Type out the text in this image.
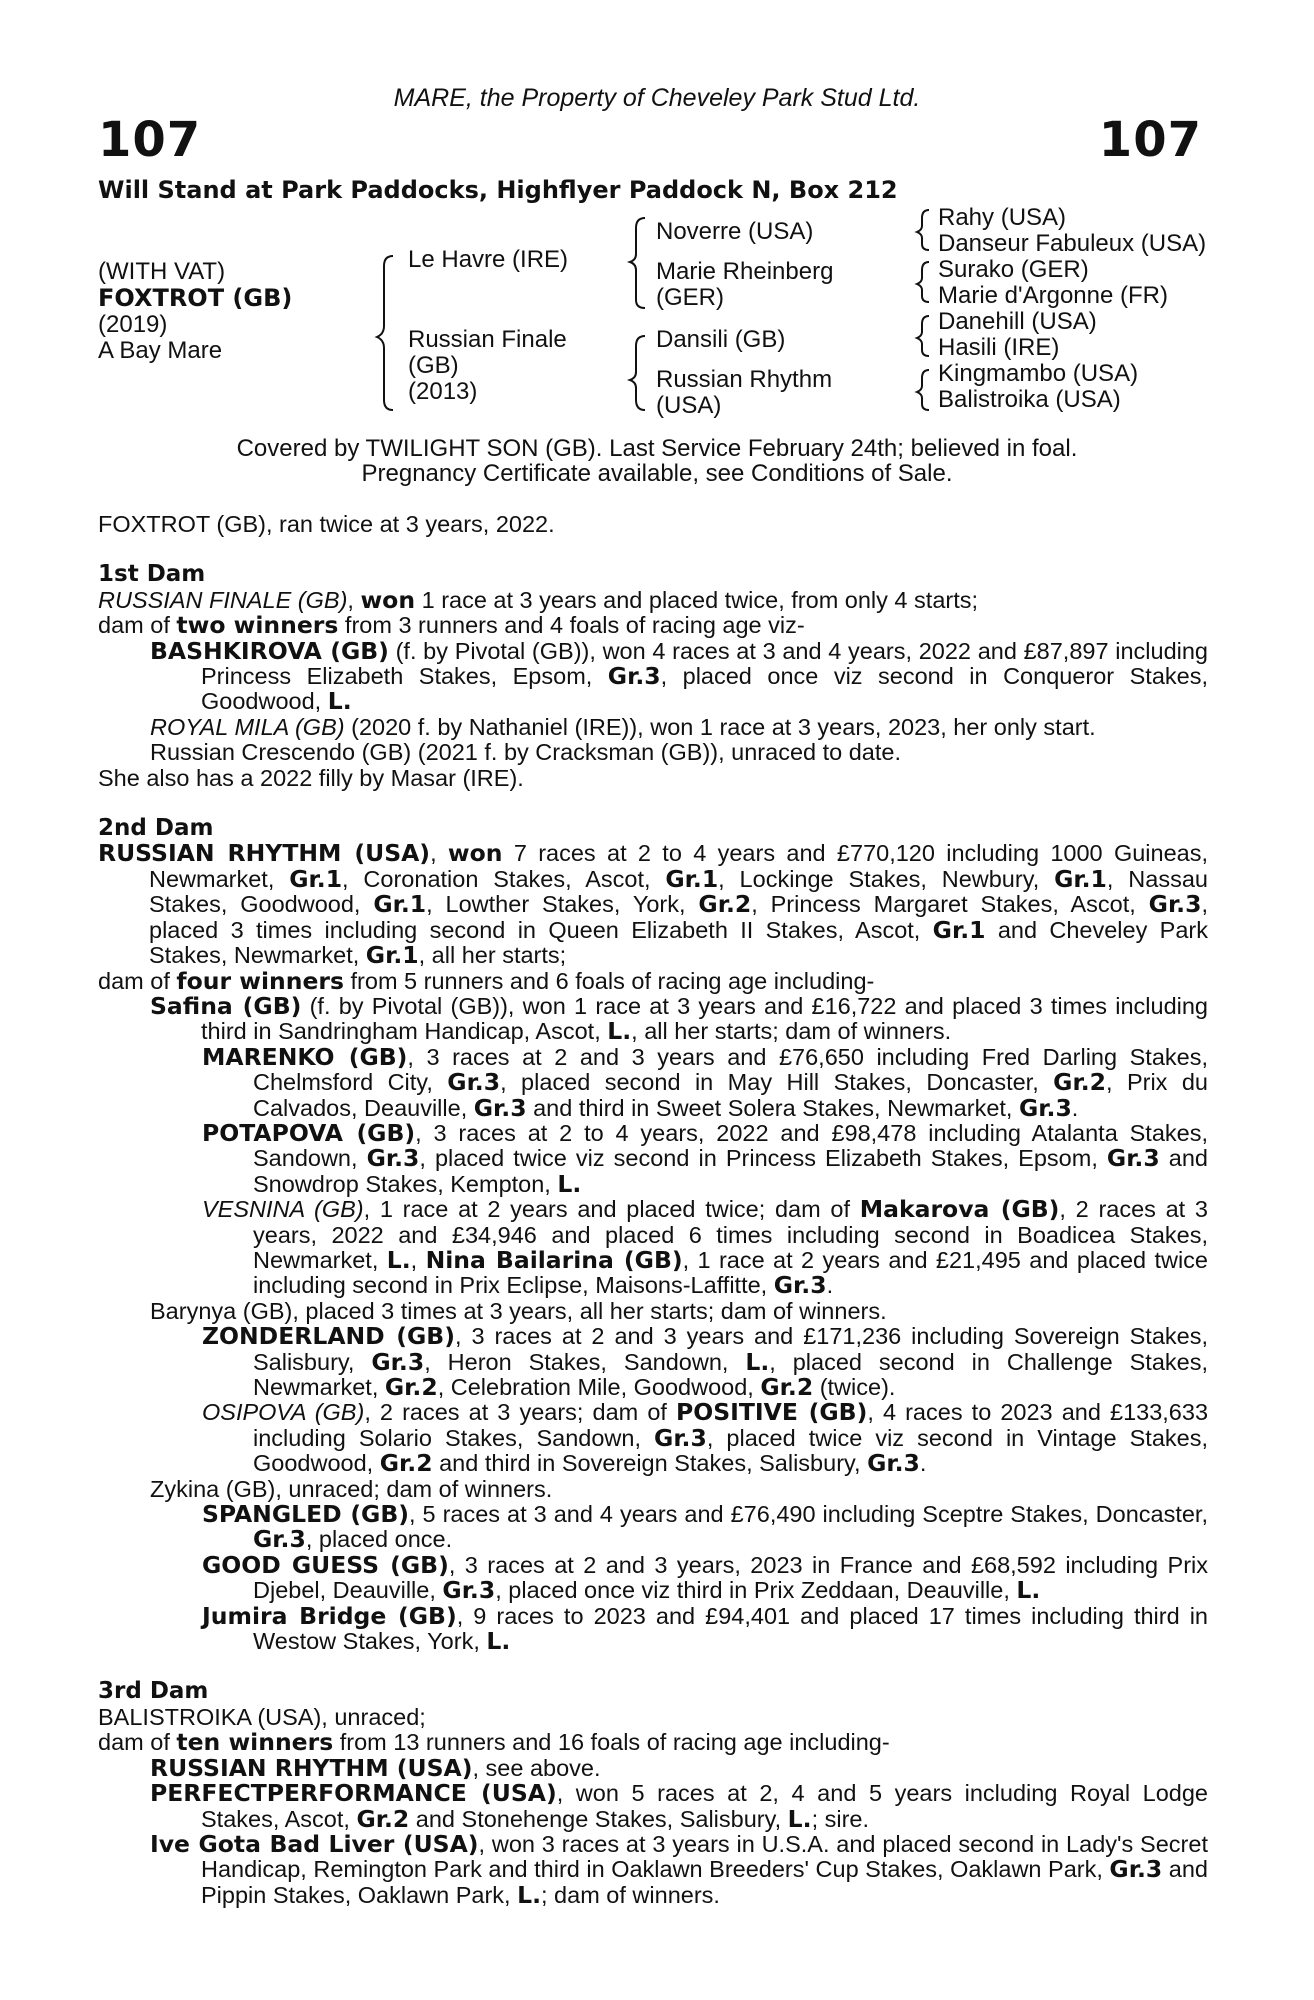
MARE, the Property of Cheveley Park Stud Ltd.
107	107
Will Stand at Park Paddocks, Highflyer Paddock N, Box 212
(WITH VAT)
FOXTROT (GB)
(2019)
A Bay Mare
Le Havre (IRE)
Russian Finale
(GB)
(2013)
Noverre (USA)
Marie Rheinberg
(GER)
Dansili (GB)
Russian Rhythm
(USA)
Rahy (USA)
Danseur Fabuleux (USA)
Surako (GER)
Marie d'Argonne (FR)
Danehill (USA)
Hasili (IRE)
Kingmambo (USA)
Balistroika (USA)
Covered by TWILIGHT SON (GB). Last Service February 24th; believed in foal.
Pregnancy Certificate available, see Conditions of Sale.

FOXTROT (GB), ran twice at 3 years, 2022.

1st Dam

RUSSIAN FINALE (GB), won 1 race at 3 years and placed twice, from only 4 starts;

dam of two winners from 3 runners and 4 foals of racing age viz-

BASHKIROVA (GB) (f. by Pivotal (GB)), won 4 races at 3 and 4 years, 2022 and £87,897 including Princess Elizabeth Stakes, Epsom, Gr.3, placed once viz second in Conqueror Stakes, Goodwood, L.

ROYAL MILA (GB) (2020 f. by Nathaniel (IRE)), won 1 race at 3 years, 2023, her only start.

Russian Crescendo (GB) (2021 f. by Cracksman (GB)), unraced to date.

She also has a 2022 filly by Masar (IRE).

2nd Dam

RUSSIAN RHYTHM (USA), won 7 races at 2 to 4 years and £770,120 including 1000 Guineas, Newmarket, Gr.1, Coronation Stakes, Ascot, Gr.1, Lockinge Stakes, Newbury, Gr.1, Nassau Stakes, Goodwood, Gr.1, Lowther Stakes, York, Gr.2, Princess Margaret Stakes, Ascot, Gr.3, placed 3 times including second in Queen Elizabeth II Stakes, Ascot, Gr.1 and Cheveley Park Stakes, Newmarket, Gr.1, all her starts;

dam of four winners from 5 runners and 6 foals of racing age including-

Safina (GB) (f. by Pivotal (GB)), won 1 race at 3 years and £16,722 and placed 3 times including third in Sandringham Handicap, Ascot, L., all her starts; dam of winners.

MARENKO (GB), 3 races at 2 and 3 years and £76,650 including Fred Darling Stakes, Chelmsford City, Gr.3, placed second in May Hill Stakes, Doncaster, Gr.2, Prix du Calvados, Deauville, Gr.3 and third in Sweet Solera Stakes, Newmarket, Gr.3.

POTAPOVA (GB), 3 races at 2 to 4 years, 2022 and £98,478 including Atalanta Stakes, Sandown, Gr.3, placed twice viz second in Princess Elizabeth Stakes, Epsom, Gr.3 and Snowdrop Stakes, Kempton, L.

VESNINA (GB), 1 race at 2 years and placed twice; dam of Makarova (GB), 2 races at 3 years, 2022 and £34,946 and placed 6 times including second in Boadicea Stakes, Newmarket, L., Nina Bailarina (GB), 1 race at 2 years and £21,495 and placed twice including second in Prix Eclipse, Maisons-Laffitte, Gr.3.

Barynya (GB), placed 3 times at 3 years, all her starts; dam of winners.

ZONDERLAND (GB), 3 races at 2 and 3 years and £171,236 including Sovereign Stakes, Salisbury, Gr.3, Heron Stakes, Sandown, L., placed second in Challenge Stakes, Newmarket, Gr.2, Celebration Mile, Goodwood, Gr.2 (twice).

OSIPOVA (GB), 2 races at 3 years; dam of POSITIVE (GB), 4 races to 2023 and £133,633 including Solario Stakes, Sandown, Gr.3, placed twice viz second in Vintage Stakes, Goodwood, Gr.2 and third in Sovereign Stakes, Salisbury, Gr.3.

Zykina (GB), unraced; dam of winners.

SPANGLED (GB), 5 races at 3 and 4 years and £76,490 including Sceptre Stakes, Doncaster, Gr.3, placed once.

GOOD GUESS (GB), 3 races at 2 and 3 years, 2023 in France and £68,592 including Prix Djebel, Deauville, Gr.3, placed once viz third in Prix Zeddaan, Deauville, L.

Jumira Bridge (GB), 9 races to 2023 and £94,401 and placed 17 times including third in Westow Stakes, York, L.

3rd Dam

BALISTROIKA (USA), unraced;

dam of ten winners from 13 runners and 16 foals of racing age including-

RUSSIAN RHYTHM (USA), see above.

PERFECTPERFORMANCE (USA), won 5 races at 2, 4 and 5 years including Royal Lodge Stakes, Ascot, Gr.2 and Stonehenge Stakes, Salisbury, L.; sire.

Ive Gota Bad Liver (USA), won 3 races at 3 years in U.S.A. and placed second in Lady's Secret Handicap, Remington Park and third in Oaklawn Breeders' Cup Stakes, Oaklawn Park, Gr.3 and Pippin Stakes, Oaklawn Park, L.; dam of winners.
